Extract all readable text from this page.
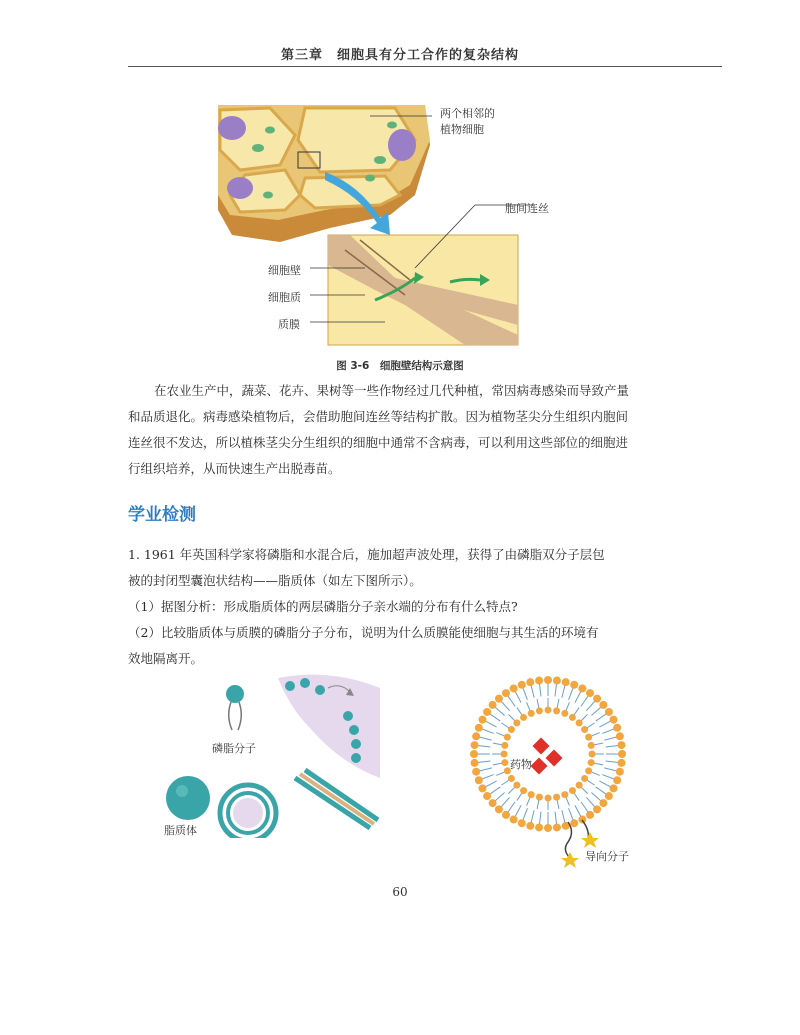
第三章　细胞具有分工合作的复杂结构
两个相邻的
植物细胞
胞间连丝
细胞壁
细胞质
质膜
图 3-6　细胞壁结构示意图
在农业生产中，蔬菜、花卉、果树等一些作物经过几代种植，常因病毒感染而导致产量
和品质退化。病毒感染植物后，会借助胞间连丝等结构扩散。因为植物茎尖分生组织内胞间
连丝很不发达，所以植株茎尖分生组织的细胞中通常不含病毒，可以利用这些部位的细胞进
行组织培养，从而快速生产出脱毒苗。
学业检测
1. 1961 年英国科学家将磷脂和水混合后，施加超声波处理，获得了由磷脂双分子层包
被的封闭型囊泡状结构——脂质体（如左下图所示）。
（1）据图分析：形成脂质体的两层磷脂分子亲水端的分布有什么特点?
（2）比较脂质体与质膜的磷脂分子分布，说明为什么质膜能使细胞与其生活的环境有
效地隔离开。
磷脂分子
脂质体
药物
导向分子
60
